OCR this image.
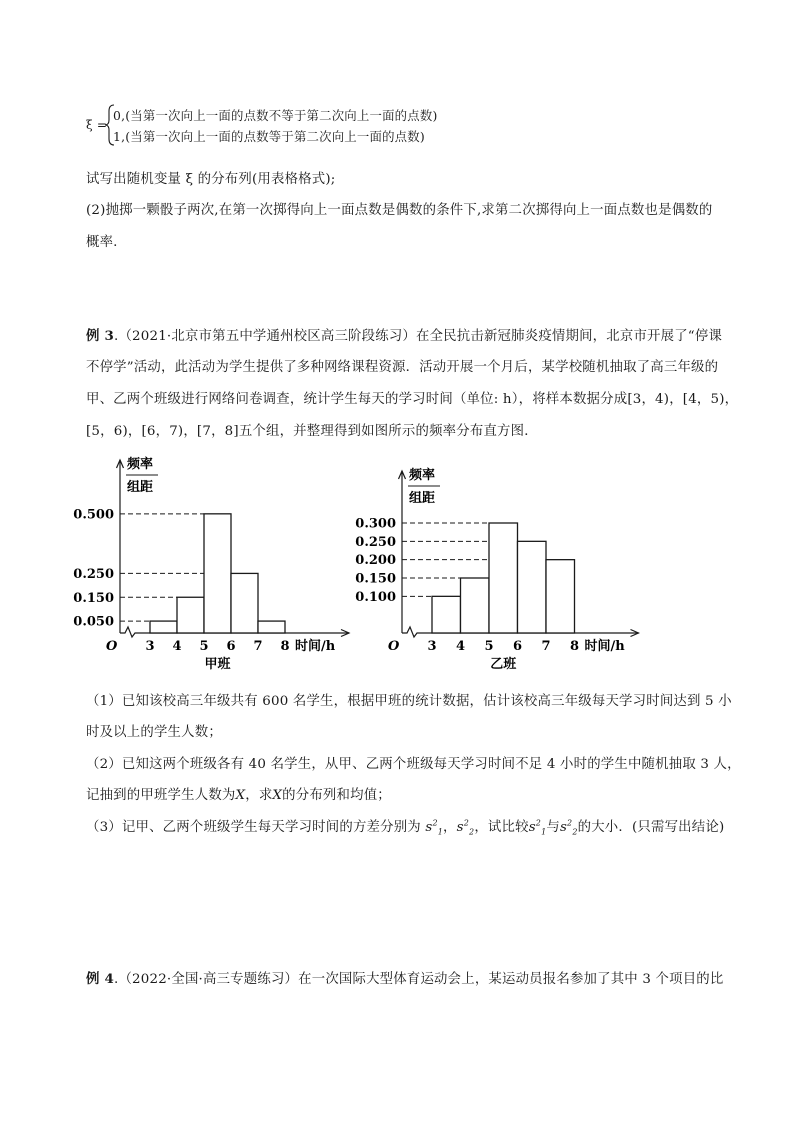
ξ =
0,(当第一次向上一面的点数不等于第二次向上一面的点数)
1,(当第一次向上一面的点数等于第二次向上一面的点数)
试写出随机变量 ξ 的分布列(用表格格式);
(2)抛掷一颗骰子两次,在第一次掷得向上一面点数是偶数的条件下,求第二次掷得向上一面点数也是偶数的
概率.
例 3.（2021·北京市第五中学通州校区高三阶段练习）在全民抗击新冠肺炎疫情期间，北京市开展了“停课
不停学”活动，此活动为学生提供了多种网络课程资源．活动开展一个月后，某学校随机抽取了高三年级的
甲、乙两个班级进行网络问卷调查，统计学生每天的学习时间（单位: h），将样本数据分成[3，4)，[4，5)，
[5，6)，[6，7)，[7，8]五个组，并整理得到如图所示的频率分布直方图．
频率
组距
0.050
0.150
0.250
0.500
3 4 5 6 7 8 时间/h
O
甲班
频率
组距
0.100
0.150
0.200
0.250
0.300
3 4 5 6 7 8 时间/h
O
乙班
（1）已知该校高三年级共有 600 名学生，根据甲班的统计数据，估计该校高三年级每天学习时间达到 5 小
时及以上的学生人数；
（2）已知这两个班级各有 40 名学生，从甲、乙两个班级每天学习时间不足 4 小时的学生中随机抽取 3 人，
记抽到的甲班学生人数为X，求X的分布列和均值；
（3）记甲、乙两个班级学生每天学习时间的方差分别为 $s^2_1$，$s^2_2$，试比较$s^2_1$与$s^2_2$的大小．(只需写出结论)
例 4.（2022·全国·高三专题练习）在一次国际大型体育运动会上，某运动员报名参加了其中 3 个项目的比
